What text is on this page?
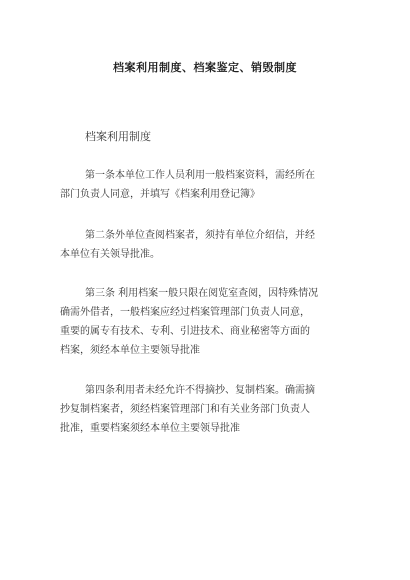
档案利用制度、档案鉴定、销毁制度
档案利用制度
第一条本单位工作人员利用一般档案资料，需经所在
部门负责人同意，并填写《档案利用登记簿》
第二条外单位查阅档案者，须持有单位介绍信，并经
本单位有关领导批准。
第三条 利用档案一般只限在阅览室查阅，因特殊情况
确需外借者，一般档案应经过档案管理部门负责人同意，
重要的属专有技术、专利、引进技术、商业秘密等方面的
档案，须经本单位主要领导批准
第四条利用者未经允许不得摘抄、复制档案。确需摘
抄复制档案者，须经档案管理部门和有关业务部门负责人
批准，重要档案须经本单位主要领导批准
